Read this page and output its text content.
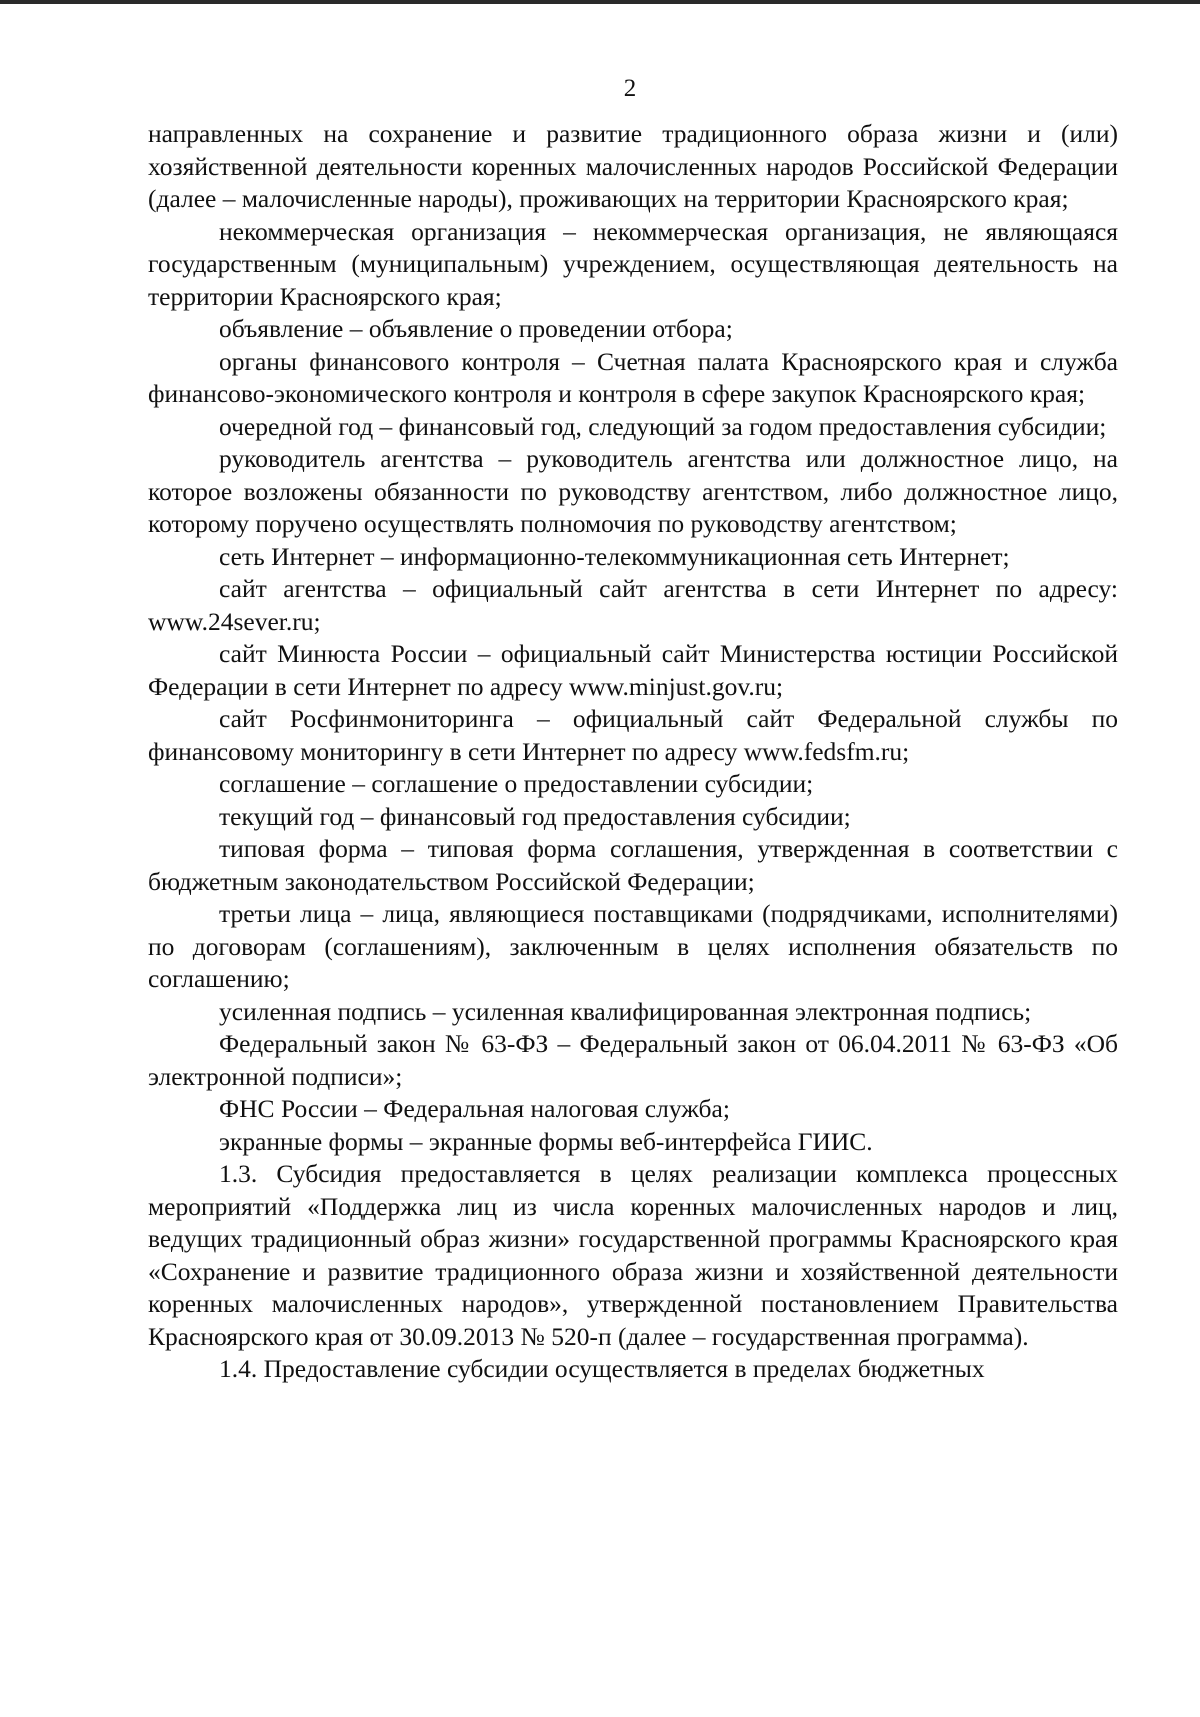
2

направленных на сохранение и развитие традиционного образа жизни и (или) хозяйственной деятельности коренных малочисленных народов Российской Федерации (далее – малочисленные народы), проживающих на территории Красноярского края;

некоммерческая организация – некоммерческая организация, не являющаяся государственным (муниципальным) учреждением, осуществляющая деятельность на территории Красноярского края;

объявление – объявление о проведении отбора;

органы финансового контроля – Счетная палата Красноярского края и служба финансово-экономического контроля и контроля в сфере закупок Красноярского края;

очередной год – финансовый год, следующий за годом предоставления субсидии;

руководитель агентства – руководитель агентства или должностное лицо, на которое возложены обязанности по руководству агентством, либо должностное лицо, которому поручено осуществлять полномочия по руководству агентством;

сеть Интернет – информационно-телекоммуникационная сеть Интернет;

сайт агентства – официальный сайт агентства в сети Интернет по адресу: www.24sever.ru;

сайт Минюста России – официальный сайт Министерства юстиции Российской Федерации в сети Интернет по адресу www.minjust.gov.ru;

сайт Росфинмониторинга – официальный сайт Федеральной службы по финансовому мониторингу в сети Интернет по адресу www.fedsfm.ru;

соглашение – соглашение о предоставлении субсидии;

текущий год – финансовый год предоставления субсидии;

типовая форма – типовая форма соглашения, утвержденная в соответствии с бюджетным законодательством Российской Федерации;

третьи лица – лица, являющиеся поставщиками (подрядчиками, исполнителями) по договорам (соглашениям), заключенным в целях исполнения обязательств по соглашению;

усиленная подпись – усиленная квалифицированная электронная подпись;

Федеральный закон № 63-ФЗ – Федеральный закон от 06.04.2011 № 63-ФЗ «Об электронной подписи»;

ФНС России – Федеральная налоговая служба;

экранные формы – экранные формы веб-интерфейса ГИИС.

1.3. Субсидия предоставляется в целях реализации комплекса процессных мероприятий «Поддержка лиц из числа коренных малочисленных народов и лиц, ведущих традиционный образ жизни» государственной программы Красноярского края «Сохранение и развитие традиционного образа жизни и хозяйственной деятельности коренных малочисленных народов», утвержденной постановлением Правительства Красноярского края от 30.09.2013 № 520-п (далее – государственная программа).

1.4. Предоставление субсидии осуществляется в пределах бюджетных
